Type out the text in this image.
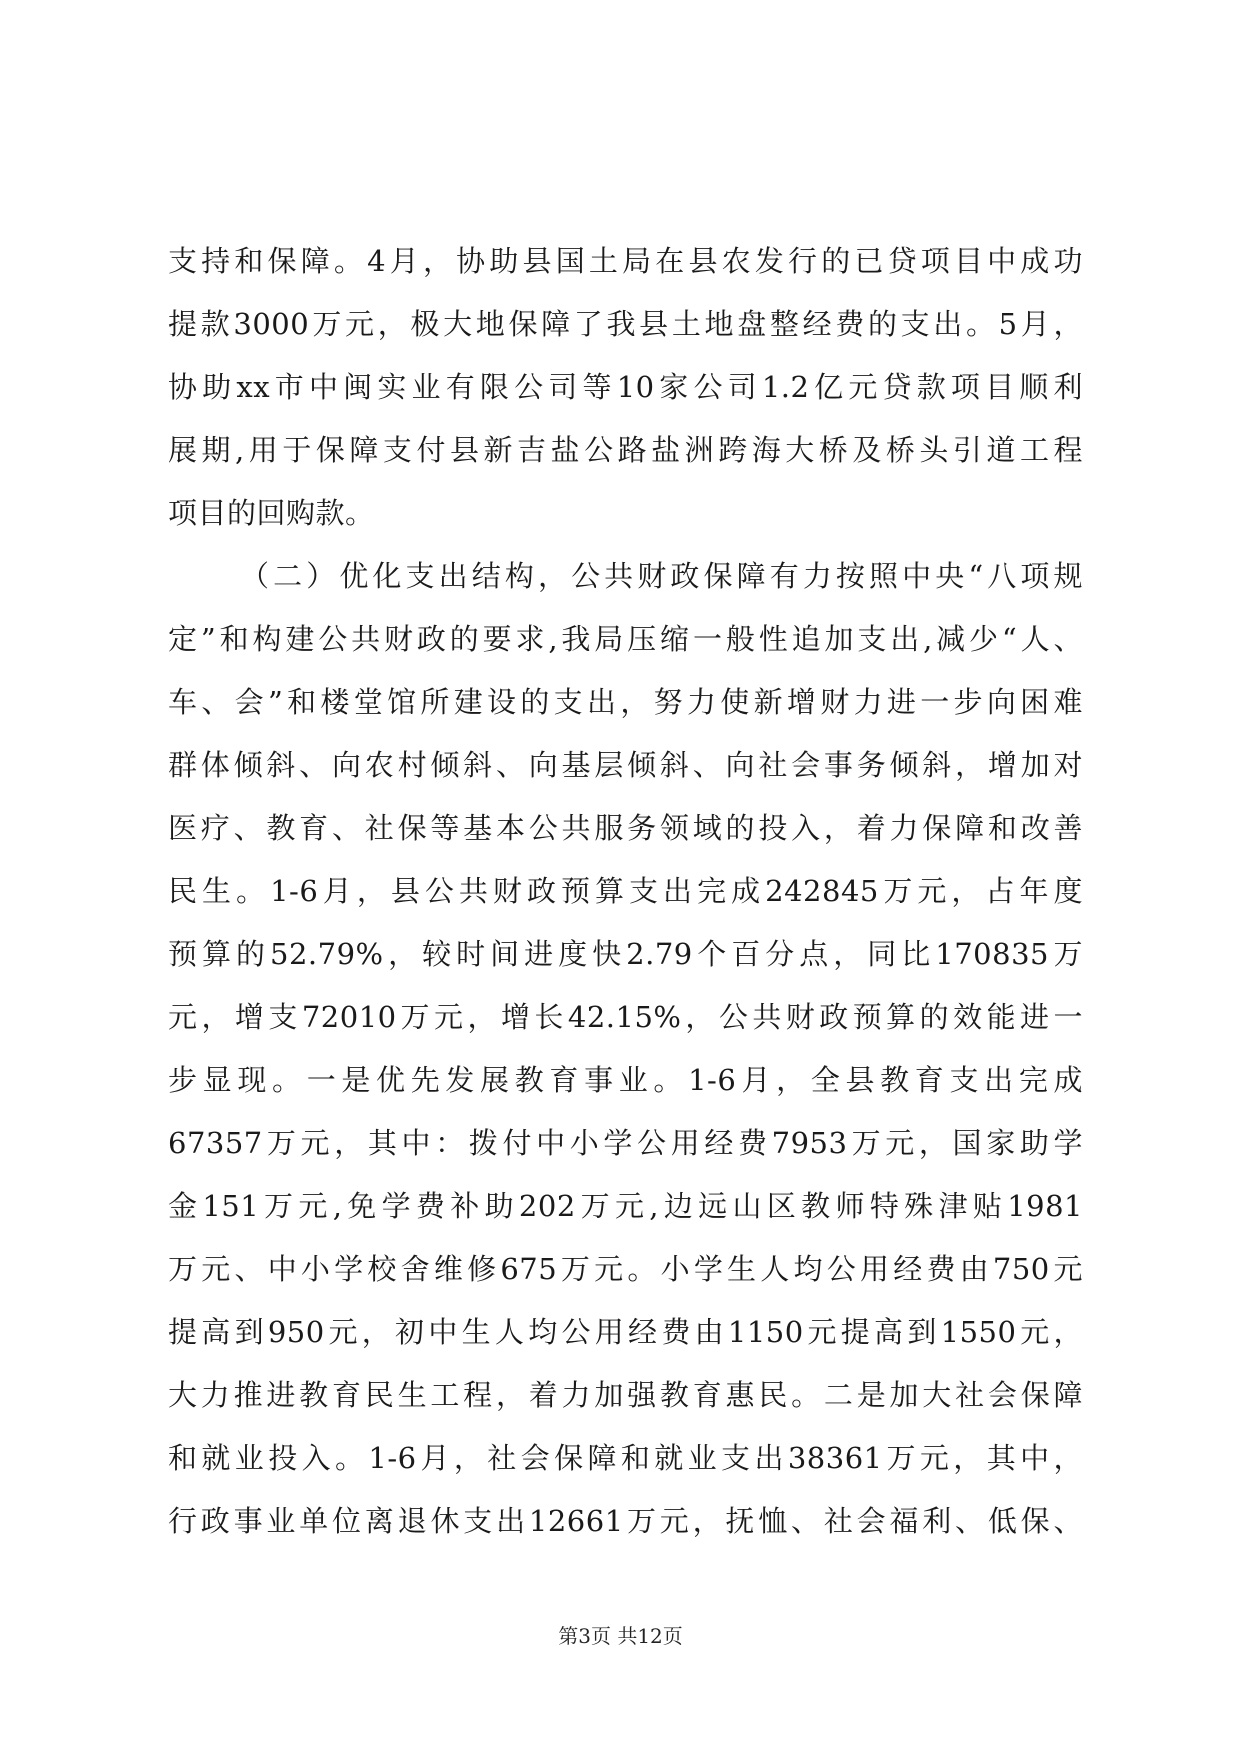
支持和保障。4月，协助县国土局在县农发行的已贷项目中成功
提款3000万元，极大地保障了我县土地盘整经费的支出。5月，
协助xx市中闽实业有限公司等10家公司1.2亿元贷款项目顺利
展期,用于保障支付县新吉盐公路盐洲跨海大桥及桥头引道工程
项目的回购款。
（二）优化支出结构，公共财政保障有力按照中央“八项规
定”和构建公共财政的要求,我局压缩一般性追加支出,减少“人、
车、会”和楼堂馆所建设的支出，努力使新增财力进一步向困难
群体倾斜、向农村倾斜、向基层倾斜、向社会事务倾斜，增加对
医疗、教育、社保等基本公共服务领域的投入，着力保障和改善
民生。1-6月，县公共财政预算支出完成242845万元，占年度
预算的52.79%，较时间进度快2.79个百分点，同比170835万
元，增支72010万元，增长42.15%，公共财政预算的效能进一
步显现。一是优先发展教育事业。1-6月，全县教育支出完成
67357万元，其中：拨付中小学公用经费7953万元，国家助学
金151万元,免学费补助202万元,边远山区教师特殊津贴1981
万元、中小学校舍维修675万元。小学生人均公用经费由750元
提高到950元，初中生人均公用经费由1150元提高到1550元，
大力推进教育民生工程，着力加强教育惠民。二是加大社会保障
和就业投入。1-6月，社会保障和就业支出38361万元，其中，
行政事业单位离退休支出12661万元，抚恤、社会福利、低保、
第3页 共12页
